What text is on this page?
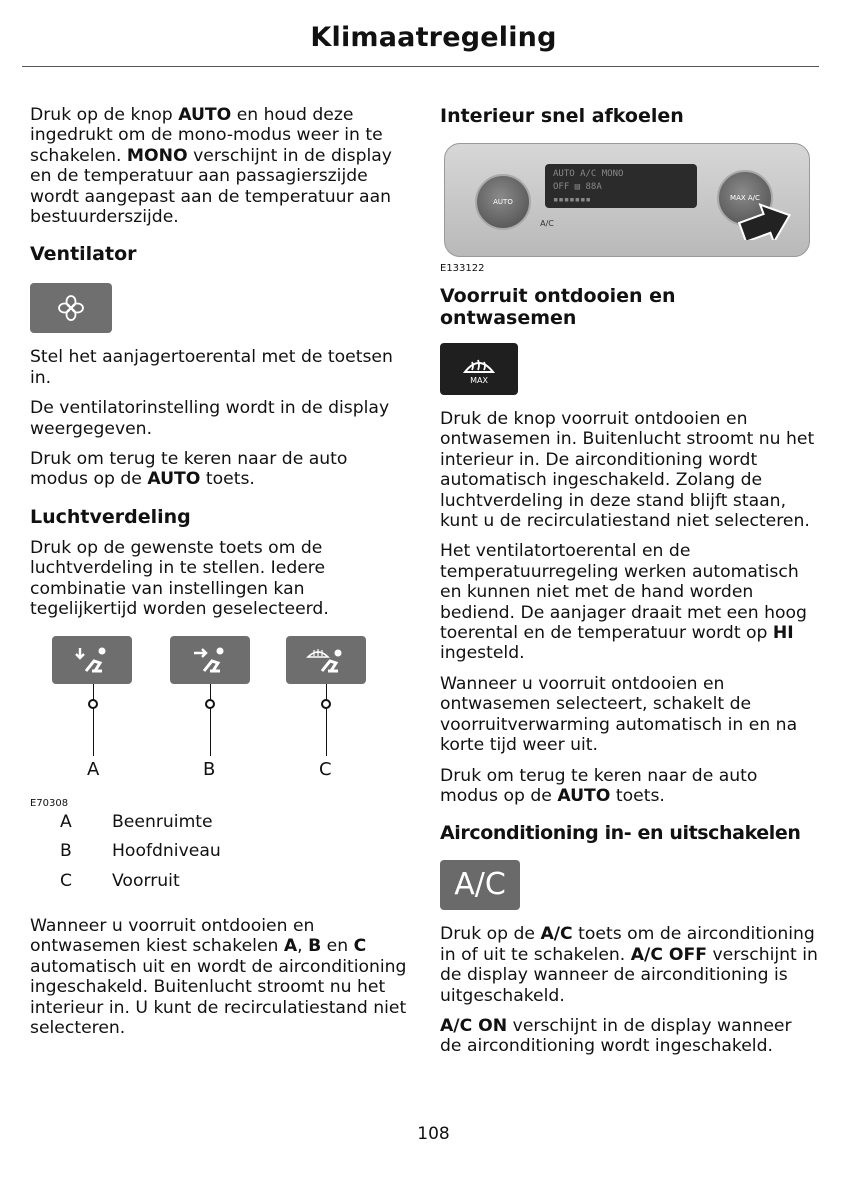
Klimaatregeling

Druk op de knop AUTO en houd deze ingedrukt om de mono-modus weer in te schakelen. MONO verschijnt in de display en de temperatuur aan passagierszijde wordt aangepast aan de temperatuur aan bestuurderszijde.

Ventilator

Stel het aanjagertoerental met de toetsen in.

De ventilatorinstelling wordt in de display weergegeven.

Druk om terug te keren naar de auto modus op de AUTO toets.

Luchtverdeling

Druk op de gewenste toets om de luchtverdeling in te stellen. Iedere combinatie van instellingen kan tegelijkertijd worden geselecteerd.

A	B	C
E70308
A	Beenruimte
B	Hoofdniveau
C	Voorruit

Wanneer u voorruit ontdooien en ontwasemen kiest schakelen A, B en C automatisch uit en wordt de airconditioning ingeschakeld. Buitenlucht stroomt nu het interieur in. U kunt de recirculatiestand niet selecteren.

Interieur snel afkoelen
AUTO
AUTO A/C MONO
OFF ▤ 88A
▪▪▪▪▪▪▪	MAX A/C
A/C
E133122
Voorruit ontdooien en ontwasemen
MAX

Druk de knop voorruit ontdooien en ontwasemen in. Buitenlucht stroomt nu het interieur in. De airconditioning wordt automatisch ingeschakeld. Zolang de luchtverdeling in deze stand blijft staan, kunt u de recirculatiestand niet selecteren.

Het ventilatortoerental en de temperatuurregeling werken automatisch en kunnen niet met de hand worden bediend. De aanjager draait met een hoog toerental en de temperatuur wordt op HI ingesteld.

Wanneer u voorruit ontdooien en ontwasemen selecteert, schakelt de voorruitverwarming automatisch in en na korte tijd weer uit.

Druk om terug te keren naar de auto modus op de AUTO toets.

Airconditioning in- en uitschakelen
A/C

Druk op de A/C toets om de airconditioning in of uit te schakelen. A/C OFF verschijnt in de display wanneer de airconditioning is uitgeschakeld.

A/C ON verschijnt in de display wanneer de airconditioning wordt ingeschakeld.

108
